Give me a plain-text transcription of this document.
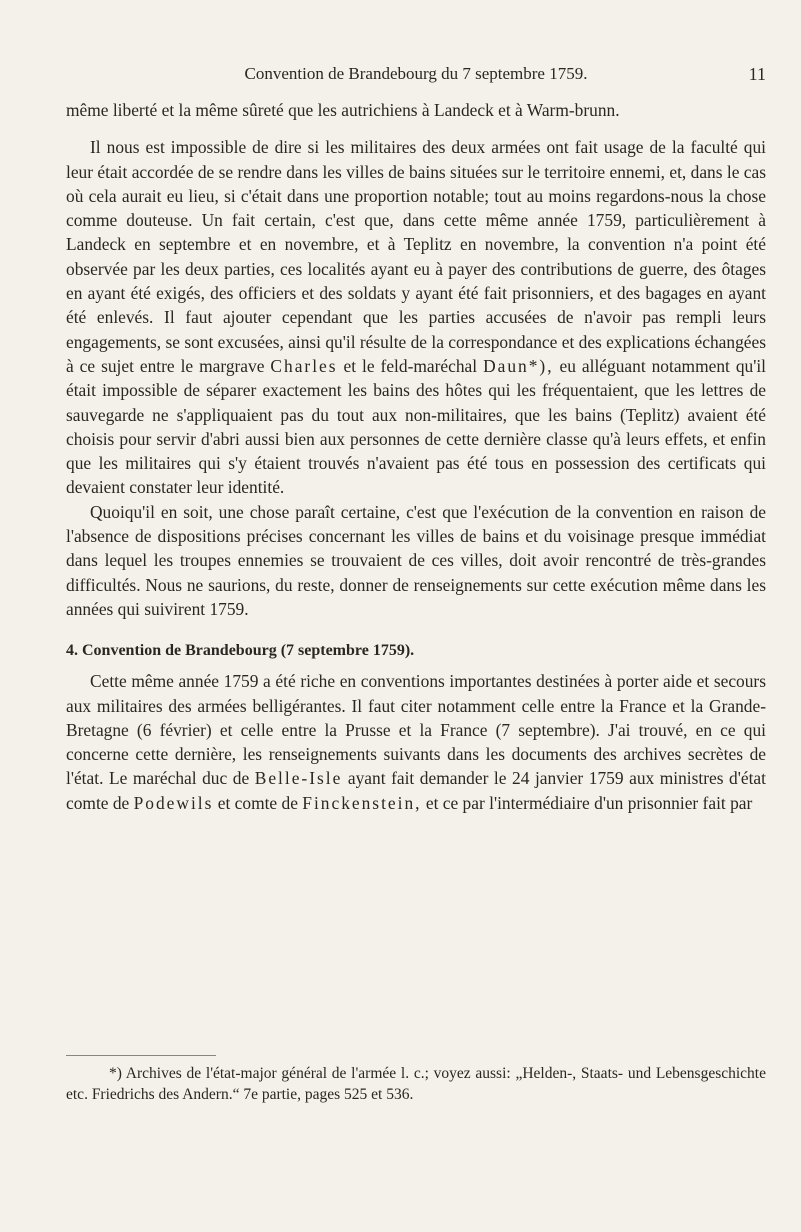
Convention de Brandebourg du 7 septembre 1759.	11

même liberté et la même sûreté que les autrichiens à Landeck et à Warm-brunn.

Il nous est impossible de dire si les militaires des deux armées ont fait usage de la faculté qui leur était accordée de se rendre dans les villes de bains situées sur le territoire ennemi, et, dans le cas où cela aurait eu lieu, si c'était dans une proportion notable; tout au moins regardons-nous la chose comme douteuse. Un fait certain, c'est que, dans cette même année 1759, particulièrement à Landeck en septembre et en novembre, et à Teplitz en novembre, la convention n'a point été observée par les deux parties, ces localités ayant eu à payer des contributions de guerre, des ôtages en ayant été exigés, des officiers et des soldats y ayant été fait prisonniers, et des bagages en ayant été enlevés. Il faut ajouter cependant que les parties accusées de n'avoir pas rempli leurs engagements, se sont excusées, ainsi qu'il résulte de la correspondance et des explications échangées à ce sujet entre le margrave Charles et le feld-maréchal Daun*), eu alléguant notamment qu'il était impossible de séparer exactement les bains des hôtes qui les fréquentaient, que les lettres de sauvegarde ne s'appliquaient pas du tout aux non-militaires, que les bains (Teplitz) avaient été choisis pour servir d'abri aussi bien aux personnes de cette dernière classe qu'à leurs effets, et enfin que les militaires qui s'y étaient trouvés n'avaient pas été tous en possession des certificats qui devaient constater leur identité.

Quoiqu'il en soit, une chose paraît certaine, c'est que l'exécution de la convention en raison de l'absence de dispositions précises concernant les villes de bains et du voisinage presque immédiat dans lequel les troupes ennemies se trouvaient de ces villes, doit avoir rencontré de très-grandes difficultés. Nous ne saurions, du reste, donner de renseignements sur cette exécution même dans les années qui suivirent 1759.

4. Convention de Brandebourg (7 septembre 1759).

Cette même année 1759 a été riche en conventions importantes destinées à porter aide et secours aux militaires des armées belligérantes. Il faut citer notamment celle entre la France et la Grande-Bretagne (6 février) et celle entre la Prusse et la France (7 septembre). J'ai trouvé, en ce qui concerne cette dernière, les renseignements suivants dans les documents des archives secrètes de l'état. Le maréchal duc de Belle-Isle ayant fait demander le 24 janvier 1759 aux ministres d'état comte de Podewils et comte de Finckenstein, et ce par l'intermédiaire d'un prisonnier fait par

*) Archives de l'état-major général de l'armée l. c.; voyez aussi: „Helden-, Staats- und Lebensgeschichte etc. Friedrichs des Andern.“ 7e partie, pages 525 et 536.
